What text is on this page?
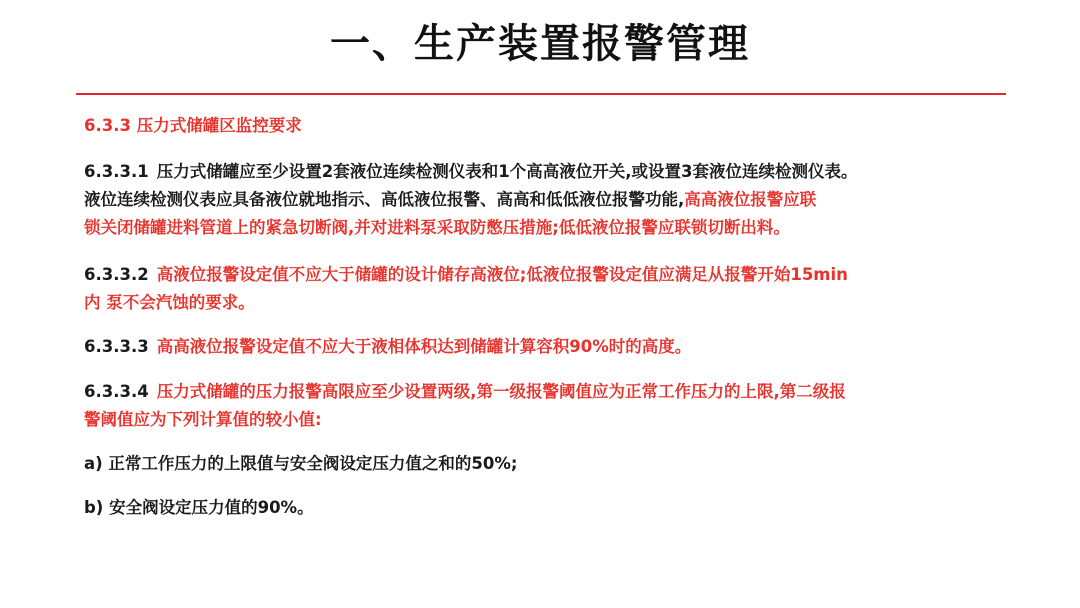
一、生产装置报警管理

6.3.3 压力式储罐区监控要求

6.3.3.1 压力式储罐应至少设置2套液位连续检测仪表和1个高高液位开关,或设置3套液位连续检测仪表。
液位连续检测仪表应具备液位就地指示、高低液位报警、高高和低低液位报警功能,高高液位报警应联
锁关闭储罐进料管道上的紧急切断阀,并对进料泵采取防憋压措施;低低液位报警应联锁切断出料。
6.3.3.2 高液位报警设定值不应大于储罐的设计储存高液位;低液位报警设定值应满足从报警开始15min
内 泵不会汽蚀的要求。
6.3.3.3 高高液位报警设定值不应大于液相体积达到储罐计算容积90%时的高度。
6.3.3.4 压力式储罐的压力报警高限应至少设置两级,第一级报警阈值应为正常工作压力的上限,第二级报
警阈值应为下列计算值的较小值:

a) 正常工作压力的上限值与安全阀设定压力值之和的50%;

b) 安全阀设定压力值的90%。
